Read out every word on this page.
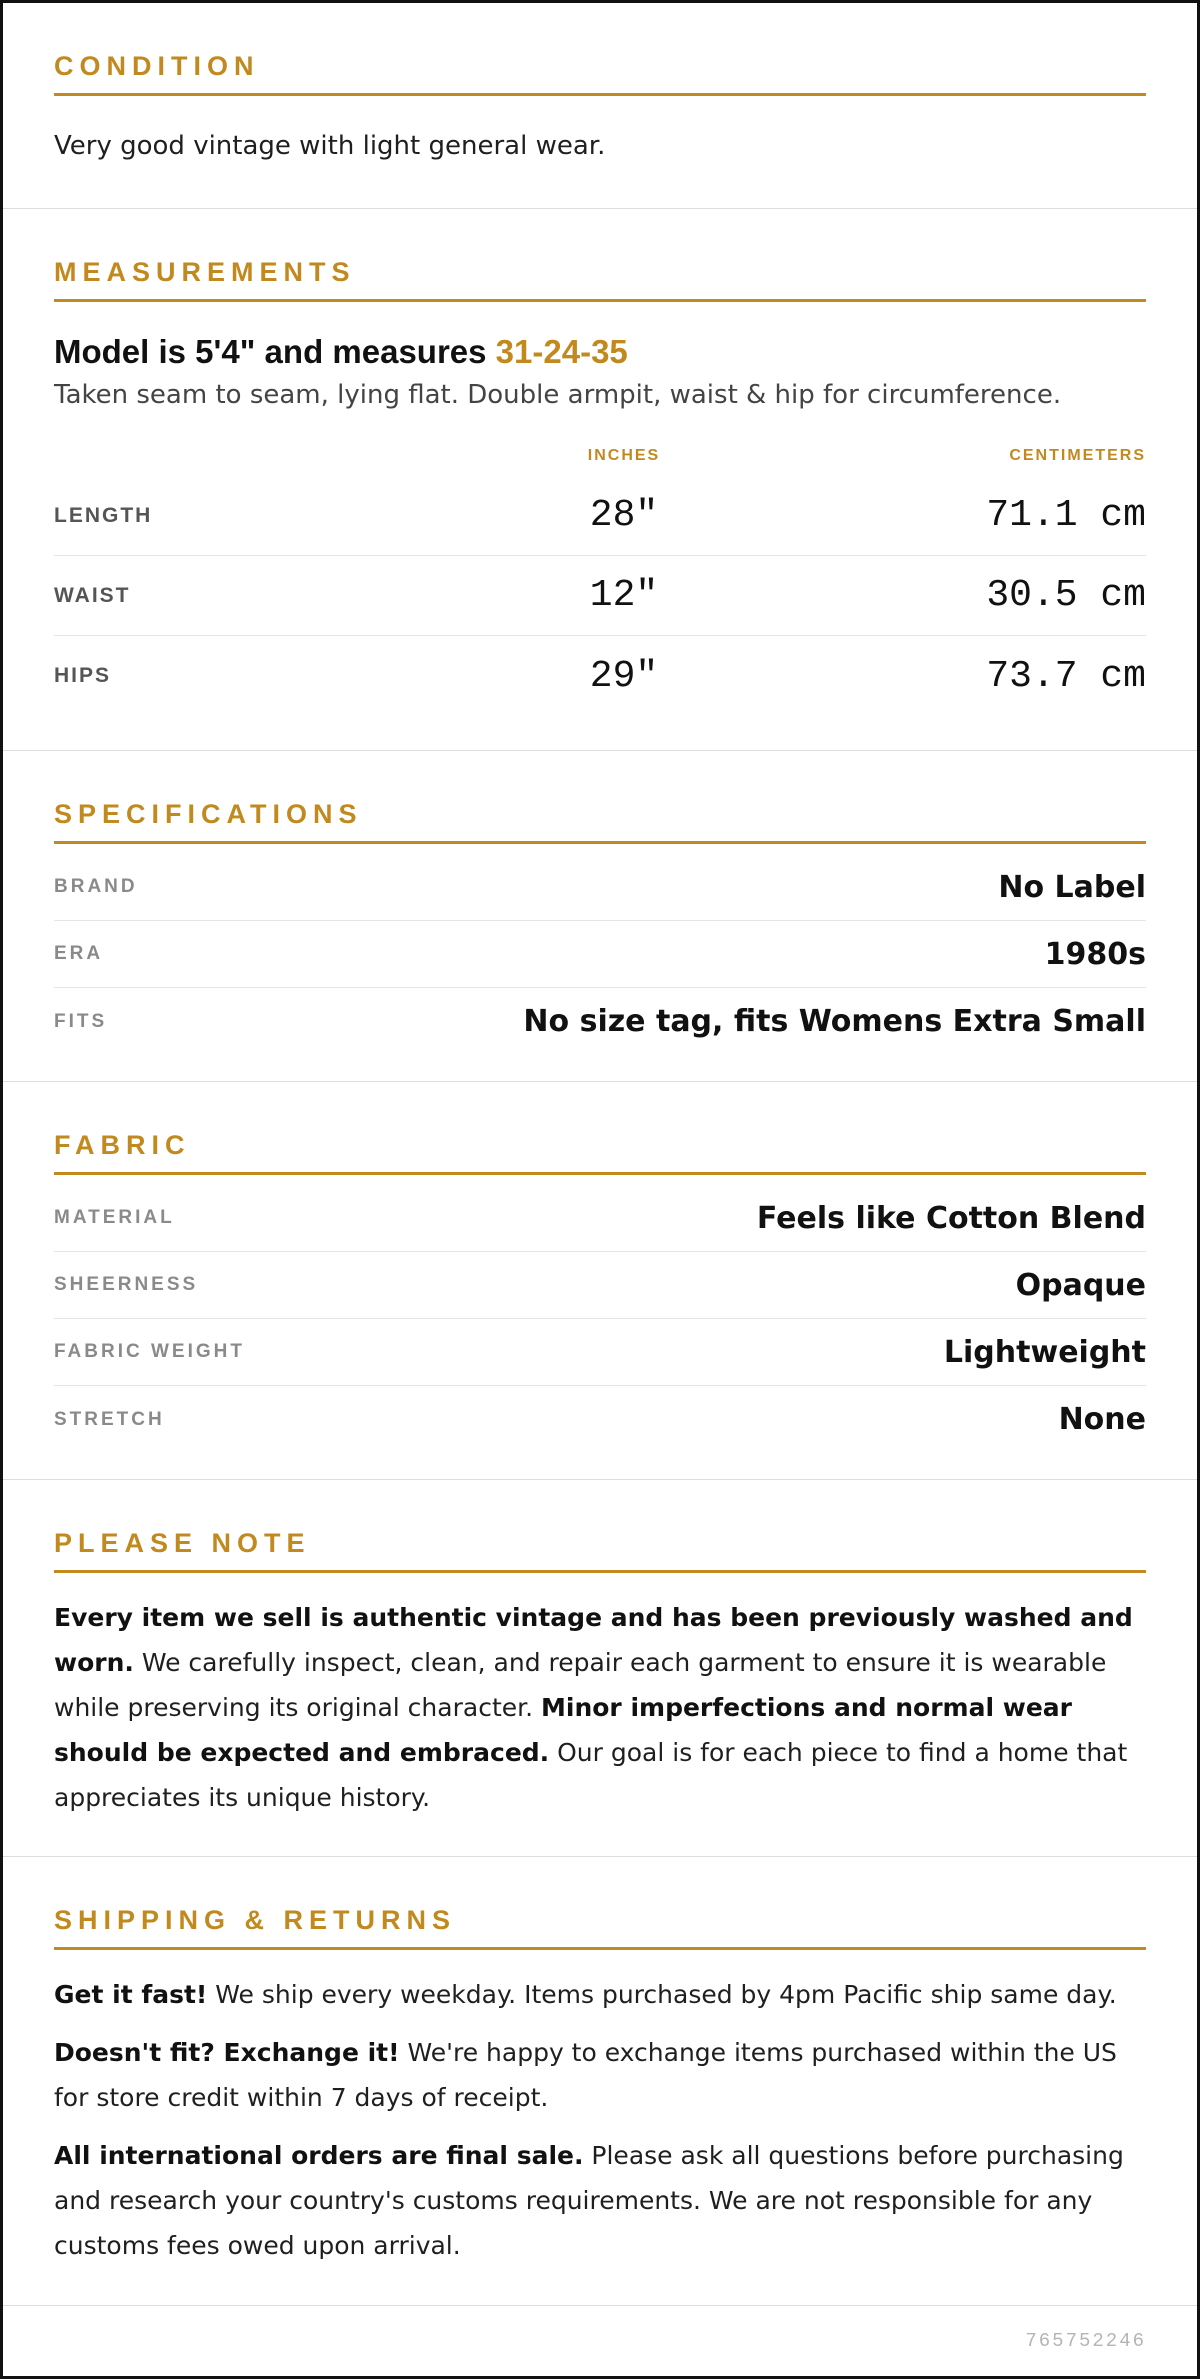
CONDITION
Very good vintage with light general wear.
MEASUREMENTS
Model is 5'4" and measures 31-24-35
Taken seam to seam, lying flat. Double armpit, waist & hip for circumference.
INCHES	CENTIMETERS
LENGTH	28"	71.1 cm
WAIST	12"	30.5 cm
HIPS	29"	73.7 cm
SPECIFICATIONS
BRAND	No Label
ERA	1980s
FITS	No size tag, fits Womens Extra Small
FABRIC
MATERIAL	Feels like Cotton Blend
SHEERNESS	Opaque
FABRIC WEIGHT	Lightweight
STRETCH	None
PLEASE NOTE

Every item we sell is authentic vintage and has been previously washed and worn. We carefully inspect, clean, and repair each garment to ensure it is wearable while preserving its original character. Minor imperfections and normal wear should be expected and embraced. Our goal is for each piece to find a home that appreciates its unique history.

SHIPPING & RETURNS

Get it fast! We ship every weekday. Items purchased by 4pm Pacific ship same day.

Doesn't fit? Exchange it! We're happy to exchange items purchased within the US for store credit within 7 days of receipt.

All international orders are final sale. Please ask all questions before purchasing and research your country's customs requirements. We are not responsible for any customs fees owed upon arrival.

765752246
